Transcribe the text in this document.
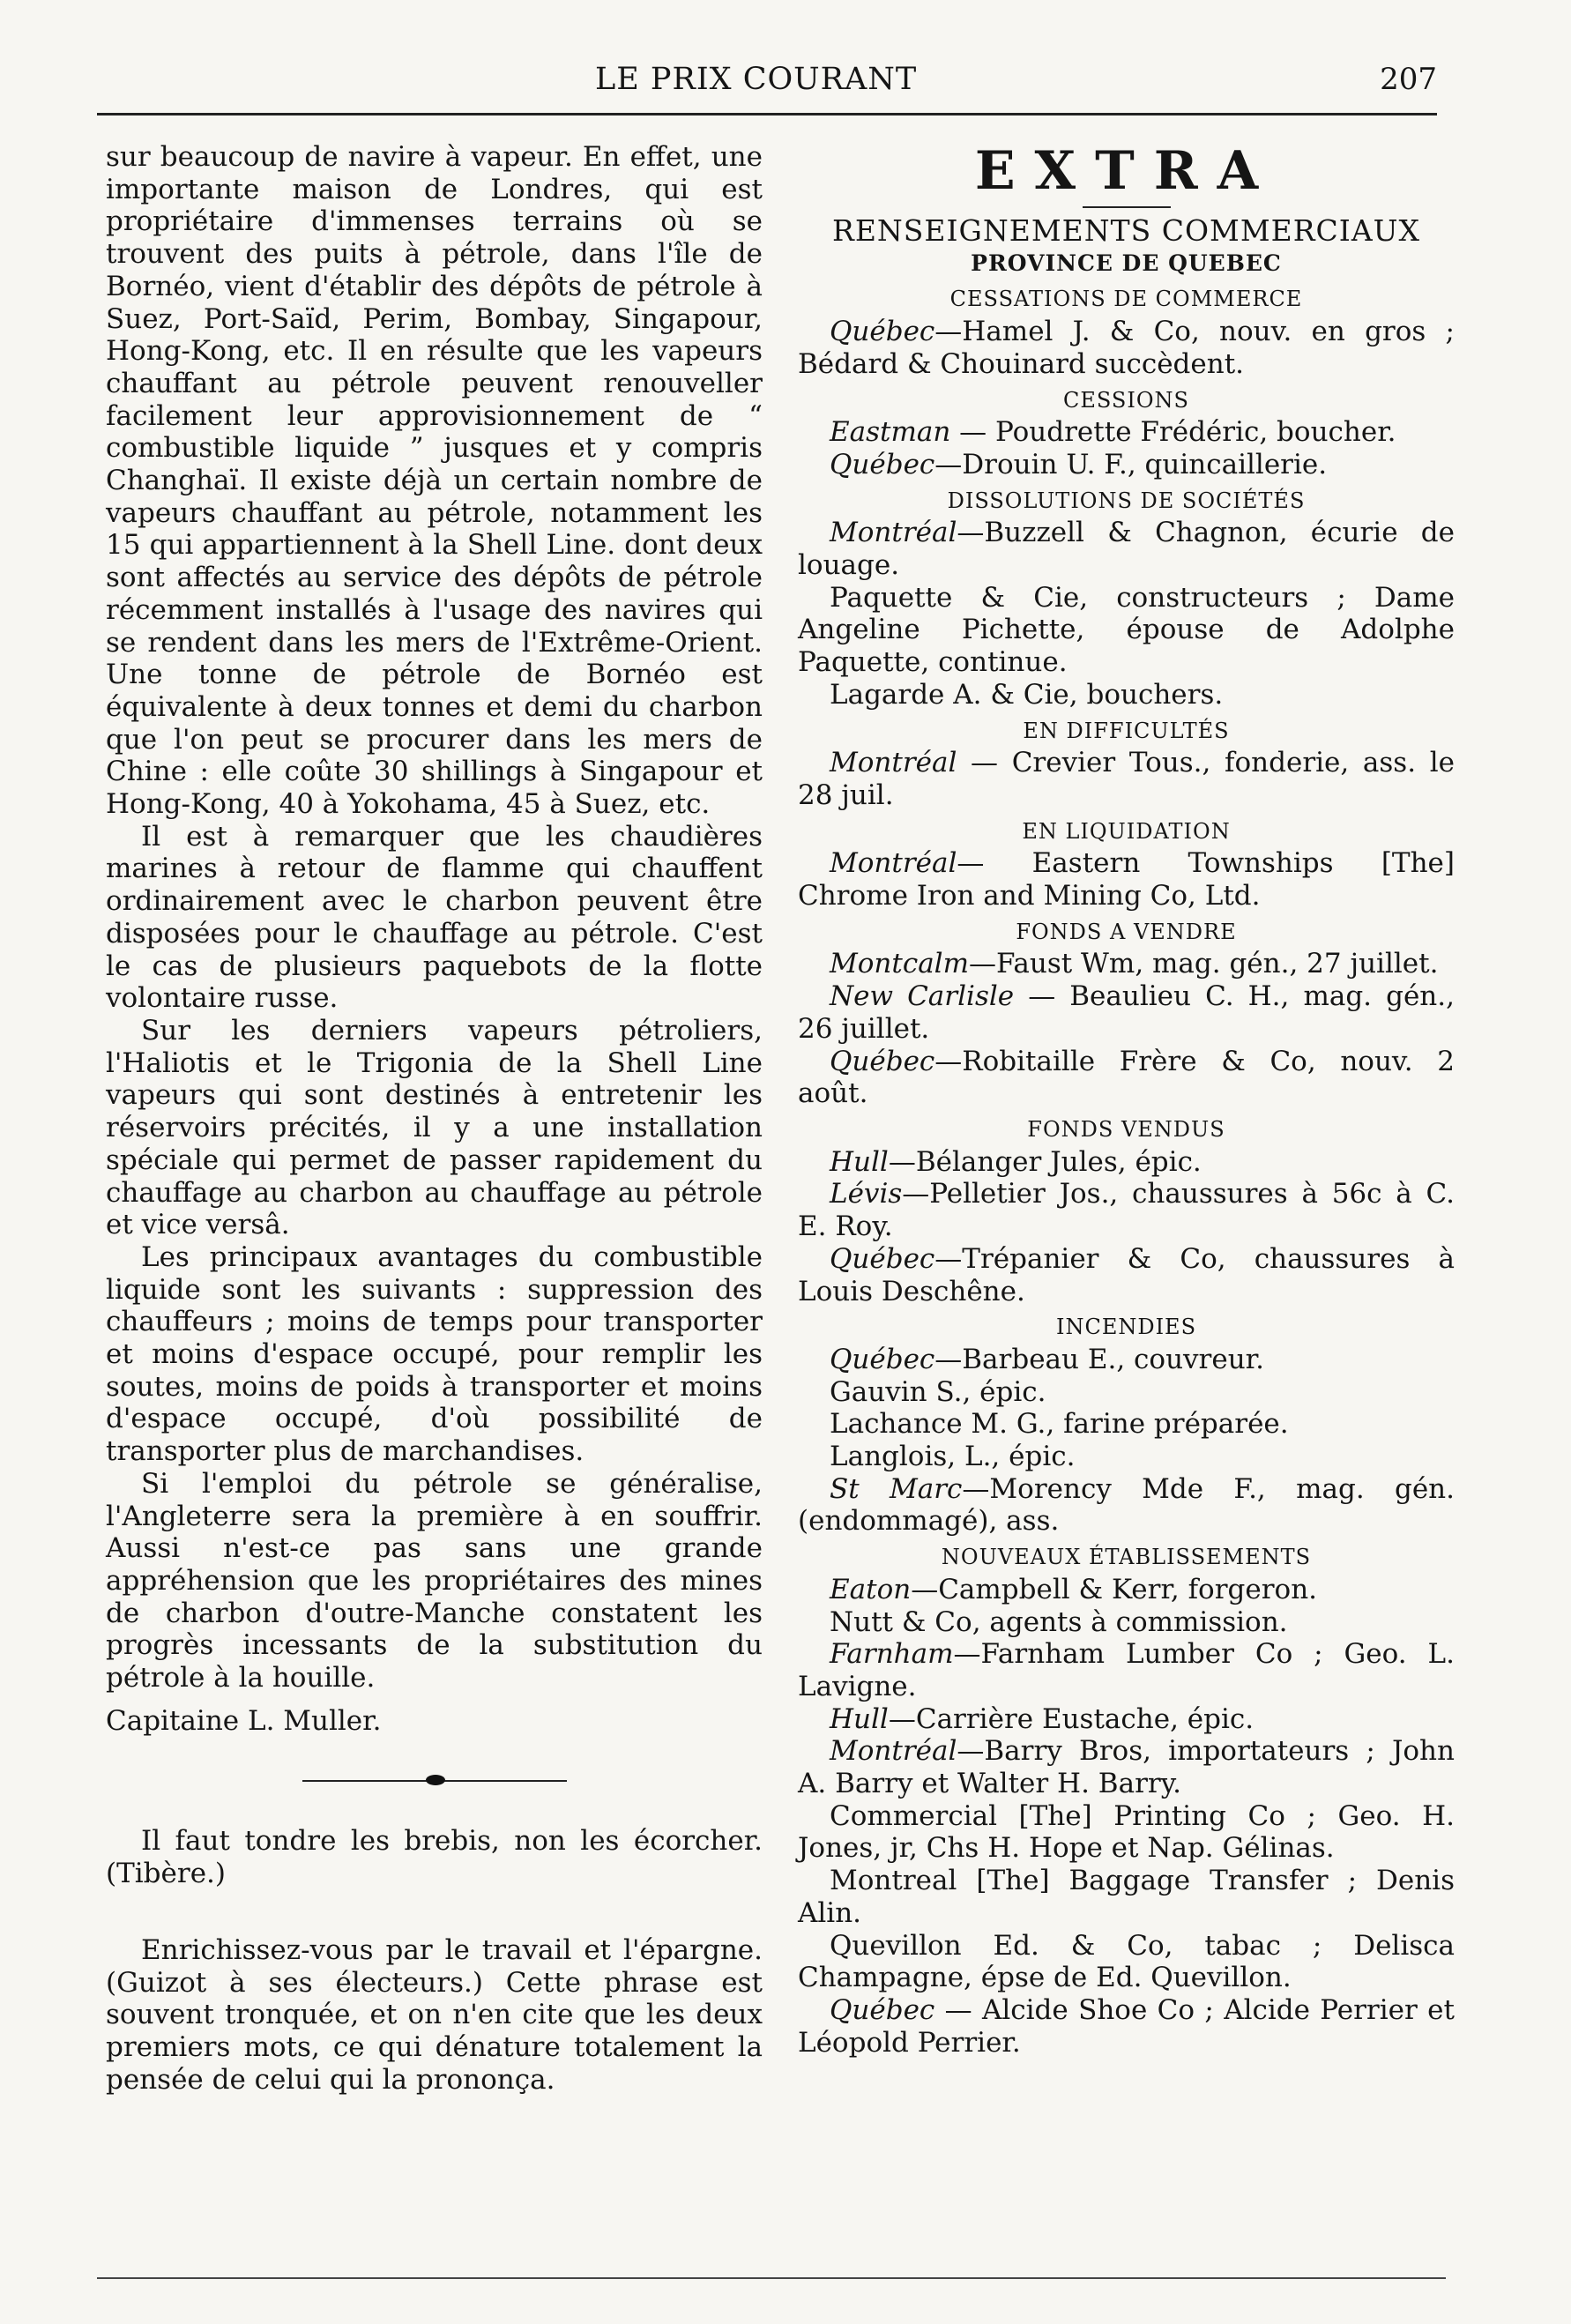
LE PRIX COURANT	207

sur beaucoup de navire à vapeur. En effet, une importante maison de Londres, qui est propriétaire d'immenses terrains où se trouvent des puits à pétrole, dans l'île de Bornéo, vient d'établir des dépôts de pétrole à Suez, Port-Saïd, Perim, Bombay, Singapour, Hong-Kong, etc. Il en résulte que les vapeurs chauffant au pétrole peuvent renouveller facilement leur approvisionnement de “ combustible liquide ” jusques et y compris Changhaï. Il existe déjà un certain nombre de vapeurs chauffant au pétrole, notamment les 15 qui appartiennent à la Shell Line. dont deux sont affectés au service des dépôts de pétrole récemment installés à l'usage des navires qui se rendent dans les mers de l'Extrême-Orient. Une tonne de pétrole de Bornéo est équivalente à deux tonnes et demi du charbon que l'on peut se procurer dans les mers de Chine : elle coûte 30 shillings à Singapour et Hong-Kong, 40 à Yokohama, 45 à Suez, etc.

Il est à remarquer que les chaudières marines à retour de flamme qui chauffent ordinairement avec le charbon peuvent être disposées pour le chauffage au pétrole. C'est le cas de plusieurs paquebots de la flotte volontaire russe.

Sur les derniers vapeurs pétroliers, l'Haliotis et le Trigonia de la Shell Line vapeurs qui sont destinés à entretenir les réservoirs précités, il y a une installation spéciale qui permet de passer rapidement du chauffage au charbon au chauffage au pétrole et vice versâ.

Les principaux avantages du combustible liquide sont les suivants : suppression des chauffeurs ; moins de temps pour transporter et moins d'espace occupé, pour remplir les soutes, moins de poids à transporter et moins d'espace occupé, d'où possibilité de transporter plus de marchandises.

Si l'emploi du pétrole se généralise, l'Angleterre sera la première à en souffrir. Aussi n'est-ce pas sans une grande appréhension que les propriétaires des mines de charbon d'outre-Manche constatent les progrès incessants de la substitution du pétrole à la houille.

Capitaine L. Muller.

Il faut tondre les brebis, non les écorcher. (Tibère.)

Enrichissez-vous par le travail et l'épargne. (Guizot à ses électeurs.) Cette phrase est souvent tronquée, et on n'en cite que les deux premiers mots, ce qui dénature totalement la pensée de celui qui la prononça.

EXTRA
RENSEIGNEMENTS COMMERCIAUX
PROVINCE DE QUEBEC
CESSATIONS DE COMMERCE

Québec—Hamel J. & Co, nouv. en gros ; Bédard & Chouinard succèdent.

CESSIONS

Eastman — Poudrette Frédéric, boucher.

Québec—Drouin U. F., quincaillerie.

DISSOLUTIONS DE SOCIÉTÉS

Montréal—Buzzell & Chagnon, écurie de louage.

Paquette & Cie, constructeurs ; Dame Angeline Pichette, épouse de Adolphe Paquette, continue.

Lagarde A. & Cie, bouchers.

EN DIFFICULTÉS

Montréal — Crevier Tous., fonderie, ass. le 28 juil.

EN LIQUIDATION

Montréal— Eastern Townships [The] Chrome Iron and Mining Co, Ltd.

FONDS A VENDRE

Montcalm—Faust Wm, mag. gén., 27 juillet.

New Carlisle — Beaulieu C. H., mag. gén., 26 juillet.

Québec—Robitaille Frère & Co, nouv. 2 août.

FONDS VENDUS

Hull—Bélanger Jules, épic.

Lévis—Pelletier Jos., chaussures à 56c à C. E. Roy.

Québec—Trépanier & Co, chaussures à Louis Deschêne.

INCENDIES

Québec—Barbeau E., couvreur.

Gauvin S., épic.

Lachance M. G., farine préparée.

Langlois, L., épic.

St Marc—Morency Mde F., mag. gén. (endommagé), ass.

NOUVEAUX ÉTABLISSEMENTS

Eaton—Campbell & Kerr, forgeron.

Nutt & Co, agents à commission.

Farnham—Farnham Lumber Co ; Geo. L. Lavigne.

Hull—Carrière Eustache, épic.

Montréal—Barry Bros, importateurs ; John A. Barry et Walter H. Barry.

Commercial [The] Printing Co ; Geo. H. Jones, jr, Chs H. Hope et Nap. Gélinas.

Montreal [The] Baggage Transfer ; Denis Alin.

Quevillon Ed. & Co, tabac ; Delisca Champagne, épse de Ed. Quevillon.

Québec — Alcide Shoe Co ; Alcide Perrier et Léopold Perrier.
